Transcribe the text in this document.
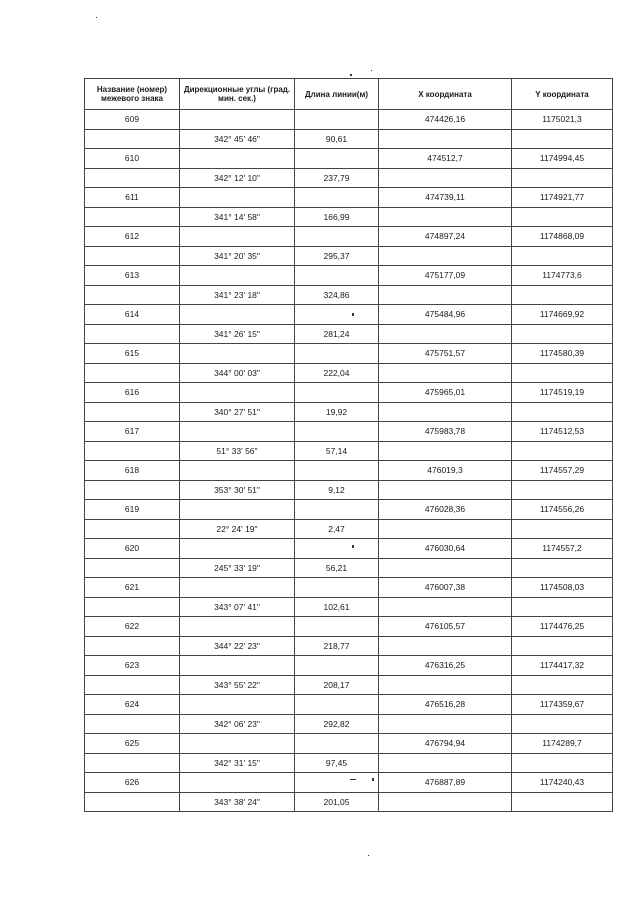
Название (номер) межевого знака	Дирекционные углы (град. мин. сек.)	Длина линии(м)	X координата	Y координата
609			474426,16	1175021,3
	342° 45' 46"	90,61		
610			474512,7	1174994,45
	342° 12' 10"	237,79		
611			474739,11	1174921,77
	341° 14' 58"	166,99		
612			474897,24	1174868,09
	341° 20' 35"	295,37		
613			475177,09	1174773,6
	341° 23' 18"	324,86		
614			475484,96	1174669,92
	341° 26' 15"	281,24		
615			475751,57	1174580,39
	344° 00' 03"	222,04		
616			475965,01	1174519,19
	340° 27' 51"	19,92		
617			475983,78	1174512,53
	51° 33' 56"	57,14		
618			476019,3	1174557,29
	353° 30' 51"	9,12		
619			476028,36	1174556,26
	22° 24' 19"	2,47		
620			476030,64	1174557,2
	245° 33' 19"	56,21		
621			476007,38	1174508,03
	343° 07' 41"	102,61		
622			476105,57	1174476,25
	344° 22' 23"	218,77		
623			476316,25	1174417,32
	343° 55' 22"	208,17		
624			476516,28	1174359,67
	342° 06' 23"	292,82		
625			476794,94	1174289,7
	342° 31' 15"	97,45		
626			476887,89	1174240,43
	343° 38' 24"	201,05		
